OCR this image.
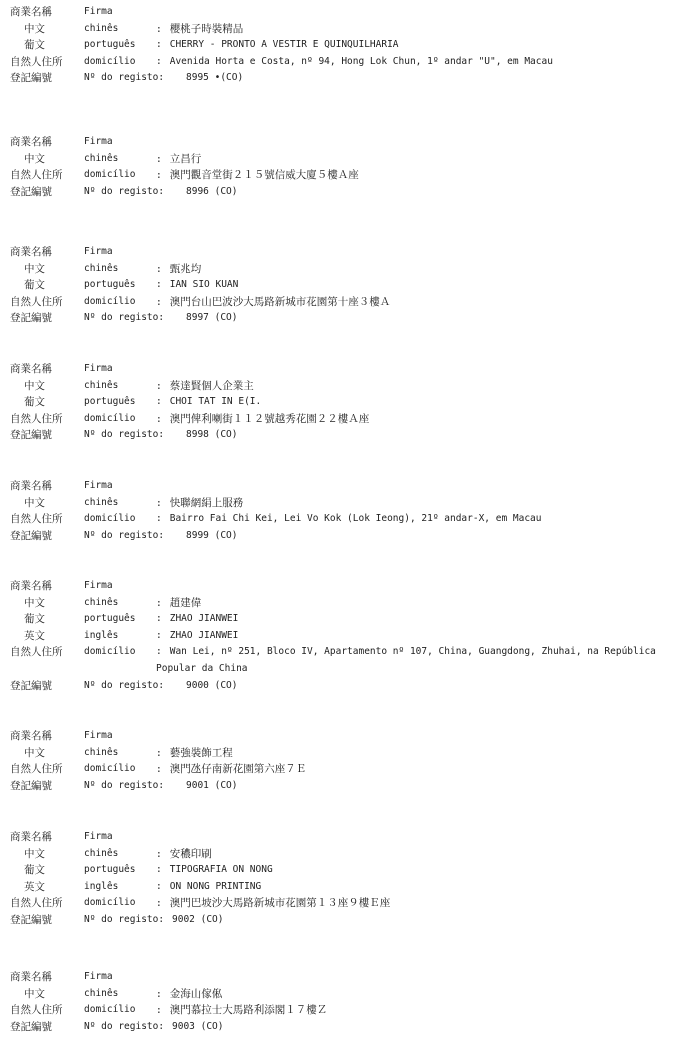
商業名稱	Firma
中文	chinês	: 櫻桃子時裝精品
葡文	português : CHERRY - PRONTO A VESTIR E QUINQUILHARIA
自然人住所 domicílio : Avenida Horta e Costa, nº 94, Hong Lok Chun, 1º andar "U", em Macau
登記編號	Nº do registo: 8995 •(CO)
商業名稱	Firma
中文	chinês	: 立昌行
自然人住所 domicílio : 澳門觀音堂街２１５號信威大廈５樓Ａ座
登記編號	Nº do registo: 8996 (CO)
商業名稱	Firma
中文	chinês	: 甄兆均
葡文	português : IAN SIO KUAN
自然人住所 domicílio : 澳門台山巴波沙大馬路新城市花園第十座３樓Ａ
登記編號	Nº do registo: 8997 (CO)
商業名稱	Firma
中文	chinês	: 蔡達賢個人企業主
葡文	português : CHOI TAT IN E(I.
自然人住所 domicílio : 澳門俾利喇街１１２號越秀花園２２樓Ａ座
登記編號	Nº do registo: 8998 (CO)
商業名稱	Firma
中文	chinês	: 快聯網絹上服務
自然人住所 domicílio : Bairro Fai Chi Kei, Lei Vo Kok (Lok Ieong), 21º andar-X, em Macau
登記編號	Nº do registo: 8999 (CO)
商業名稱	Firma
中文	chinês	: 趙建偉
葡文	português : ZHAO JIANWEI
英文	inglês	: ZHAO JIANWEI
自然人住所 domicílio : Wan Lei, nº 251, Bloco IV, Apartamento nº 107, China, Guangdong, Zhuhai, na República Popular da China
登記編號	Nº do registo: 9000 (CO)
商業名稱	Firma
中文	chinês	: 藝強裝飾工程
自然人住所 domicílio : 澳門氹仔南新花園第六座７Ｅ
登記編號	Nº do registo: 9001 (CO)
商業名稱	Firma
中文	chinês	: 安穠印刷
葡文	português : TIPOGRAFIA ON NONG
英文	inglês	: ON NONG PRINTING
自然人住所 domicílio : 澳門巴坡沙大馬路新城市花園第１３座９樓Ｅ座
登記編號	Nº do registo: 9002 (CO)
商業名稱	Firma
中文	chinês	: 金海山傢俬
自然人住所 domicílio : 澳門慕拉士大馬路利添閣１７樓Ｚ
登記編號	Nº do registo: 9003 (CO)
